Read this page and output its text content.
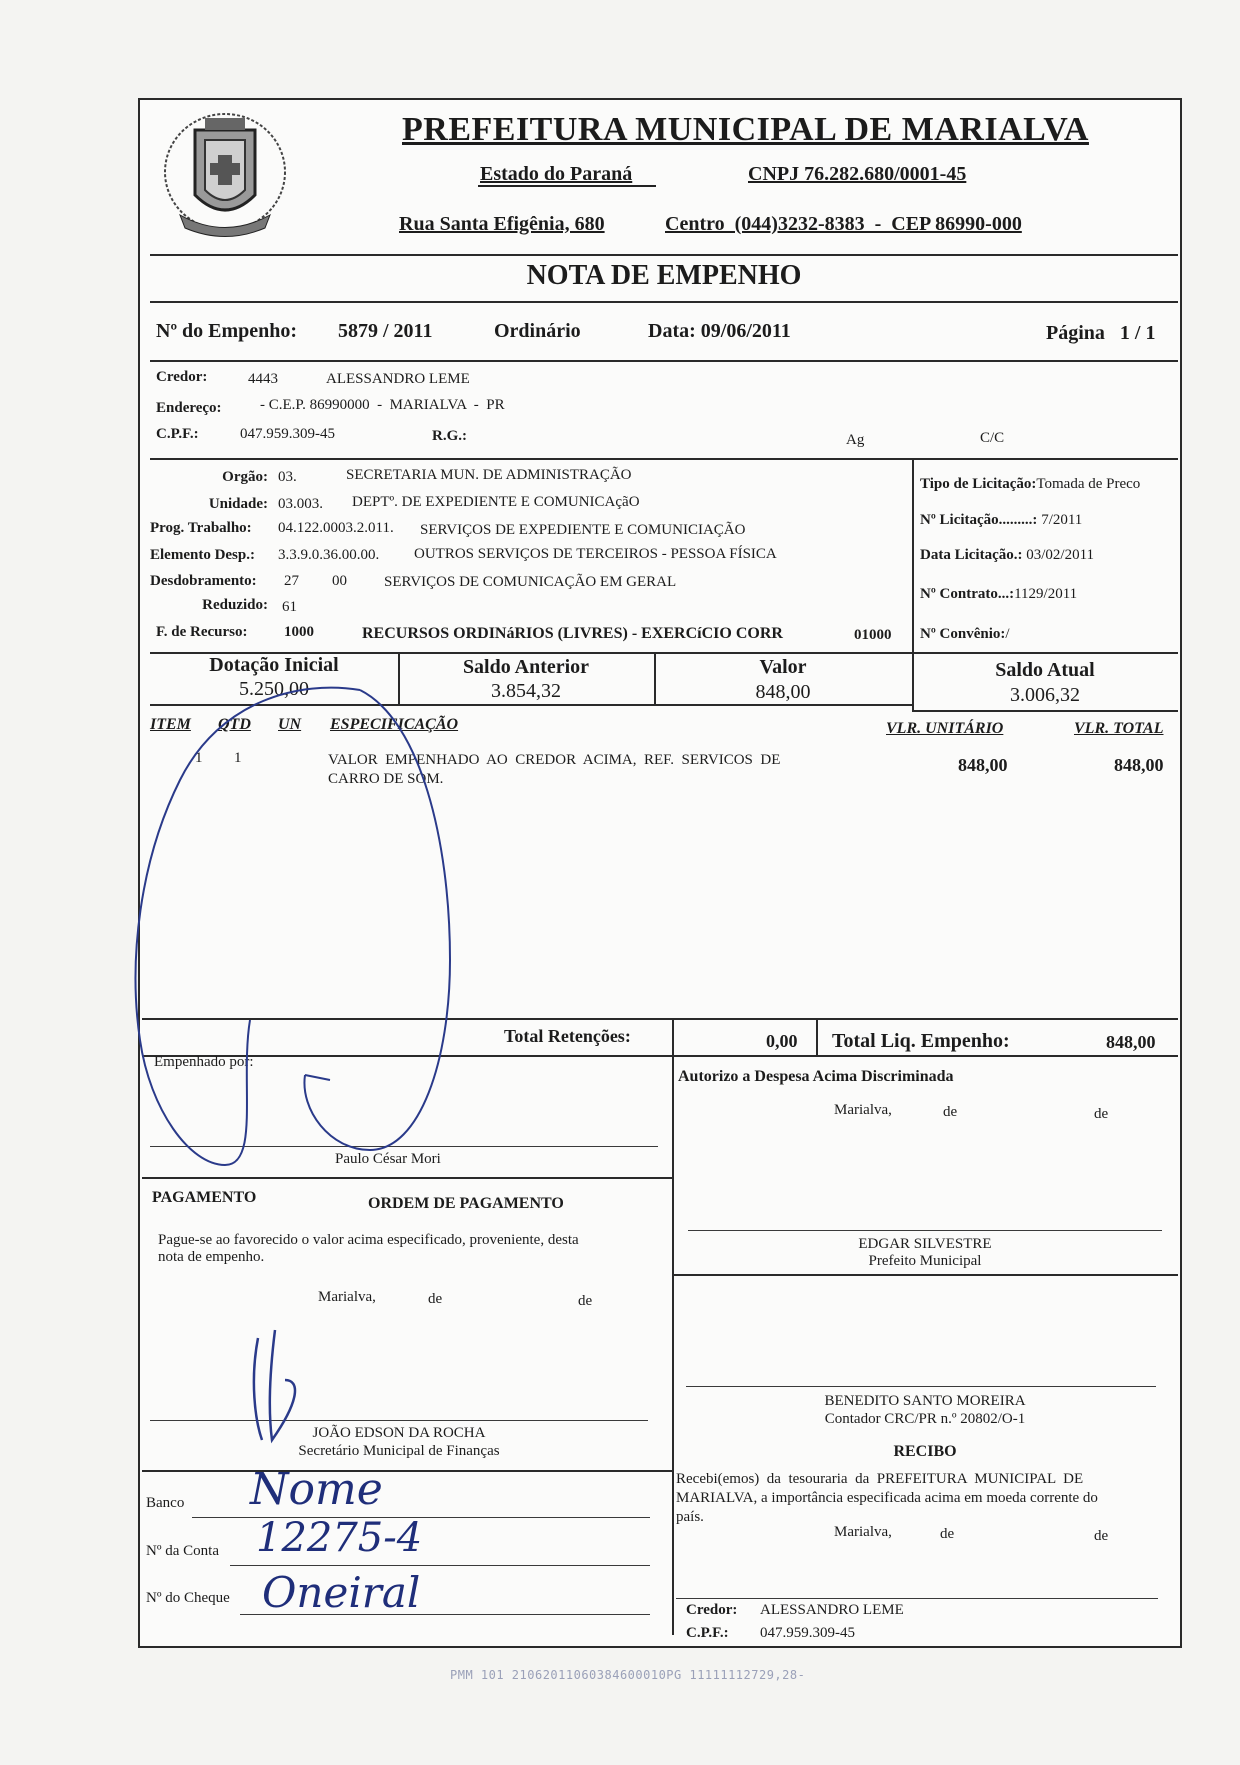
PREFEITURA MUNICIPAL DE MARIALVA
Estado do Paraná	CNPJ 76.282.680/0001-45
Rua Santa Efigênia, 680	Centro  (044)3232-8383  -  CEP 86990-000
NOTA DE EMPENHO
Nº do Empenho: 5879 / 2011	Ordinário	Data: 09/06/2011	Página   1 / 1
Credor:	4443	ALESSANDRO LEME
Endereço:	- C.E.P. 86990000  -  MARIALVA  -  PR
C.P.F.:	047.959.309-45	R.G.:	Ag	C/C
Orgão: 03.	SECRETARIA MUN. DE ADMINISTRAÇÃO
Unidade: 03.003. DEPTº. DE EXPEDIENTE E COMUNICAçãO
Prog. Trabalho: 04.122.0003.2.011. SERVIÇOS DE EXPEDIENTE E COMUNICIAÇÃO
Elemento Desp.: 3.3.9.0.36.00.00. OUTROS SERVIÇOS DE TERCEIROS - PESSOA FÍSICA
Desdobramento: 27 00 SERVIÇOS DE COMUNICAÇÃO EM GERAL
Reduzido: 61
F. de Recurso: 1000	RECURSOS ORDINáRIOS (LIVRES) - EXERCíCIO CORR	01000
Tipo de Licitação:Tomada de Preco
Nº Licitação.........: 7/2011
Data Licitação.: 03/02/2011
Nº Contrato...:1129/2011
Nº Convênio:/
Dotação Inicial
5.250,00
Saldo Anterior
3.854,32
Valor
848,00
Saldo Atual
3.006,32
ITEM QTD UN ESPECIFICAÇÃO	VLR. UNITÁRIO	VLR. TOTAL
1 1	VALOR  EMPENHADO  AO  CREDOR  ACIMA,  REF.  SERVICOS  DE
CARRO DE SOM.
848,00	848,00
Total Retenções:	0,00 Total Liq. Empenho:	848,00
Empenhado por:
Paulo César Mori
Autorizo a Despesa Acima Discriminada
Marialva,	de	de
EDGAR SILVESTRE
Prefeito Municipal
PAGAMENTO	ORDEM DE PAGAMENTO
Pague-se ao favorecido o valor acima especificado, proveniente, desta
nota de empenho.
Marialva,	de	de
JOÃO EDSON DA ROCHA
Secretário Municipal de Finanças
BENEDITO SANTO MOREIRA
Contador CRC/PR n.º 20802/O-1
RECIBO
Recebi(emos)  da  tesouraria  da  PREFEITURA  MUNICIPAL  DE
MARIALVA, a importância especificada acima em moeda corrente do
país.
Marialva,	de	de
Credor: ALESSANDRO LEME
C.P.F.: 047.959.309-45
Banco Nome
Nº da Conta 12275-4
Nº do Cheque Oneiral
PMM 101 21062011060384600010PG 11111112729,28-
